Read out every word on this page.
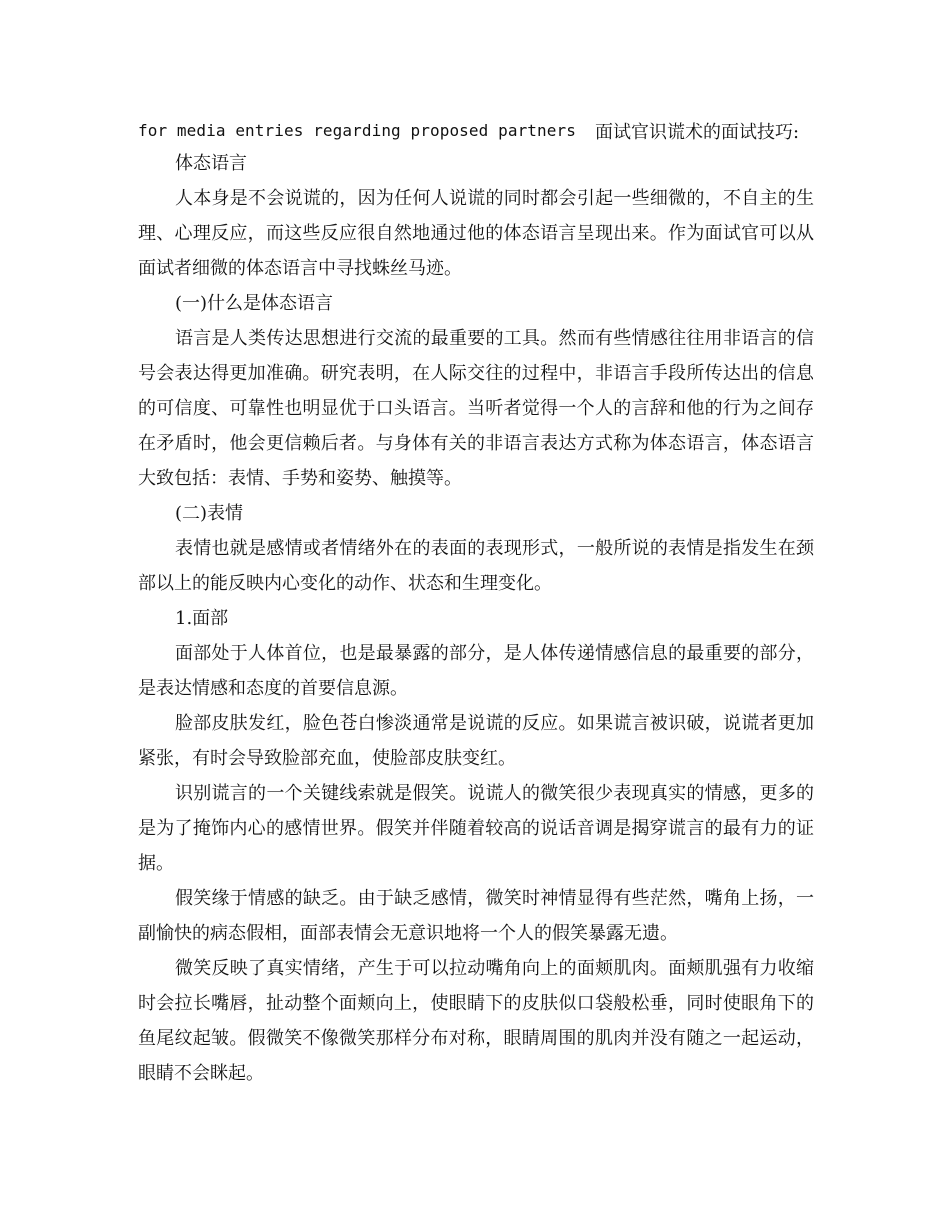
for media entries regarding proposed partners 面试官识谎术的面试技巧:

体态语言

人本身是不会说谎的，因为任何人说谎的同时都会引起一些细微的，不自主的生理、心理反应，而这些反应很自然地通过他的体态语言呈现出来。作为面试官可以从面试者细微的体态语言中寻找蛛丝马迹。

(一)什么是体态语言

语言是人类传达思想进行交流的最重要的工具。然而有些情感往往用非语言的信号会表达得更加准确。研究表明，在人际交往的过程中，非语言手段所传达出的信息的可信度、可靠性也明显优于口头语言。当听者觉得一个人的言辞和他的行为之间存在矛盾时，他会更信赖后者。与身体有关的非语言表达方式称为体态语言，体态语言大致包括：表情、手势和姿势、触摸等。

(二)表情

表情也就是感情或者情绪外在的表面的表现形式，一般所说的表情是指发生在颈部以上的能反映内心变化的动作、状态和生理变化。

1.面部

面部处于人体首位，也是最暴露的部分，是人体传递情感信息的最重要的部分，是表达情感和态度的首要信息源。

脸部皮肤发红，脸色苍白惨淡通常是说谎的反应。如果谎言被识破，说谎者更加紧张，有时会导致脸部充血，使脸部皮肤变红。

识别谎言的一个关键线索就是假笑。说谎人的微笑很少表现真实的情感，更多的是为了掩饰内心的感情世界。假笑并伴随着较高的说话音调是揭穿谎言的最有力的证据。

假笑缘于情感的缺乏。由于缺乏感情，微笑时神情显得有些茫然，嘴角上扬，一副愉快的病态假相，面部表情会无意识地将一个人的假笑暴露无遗。

微笑反映了真实情绪，产生于可以拉动嘴角向上的面颊肌肉。面颊肌强有力收缩时会拉长嘴唇，扯动整个面颊向上，使眼睛下的皮肤似口袋般松垂，同时使眼角下的鱼尾纹起皱。假微笑不像微笑那样分布对称，眼睛周围的肌肉并没有随之一起运动，眼睛不会眯起。
